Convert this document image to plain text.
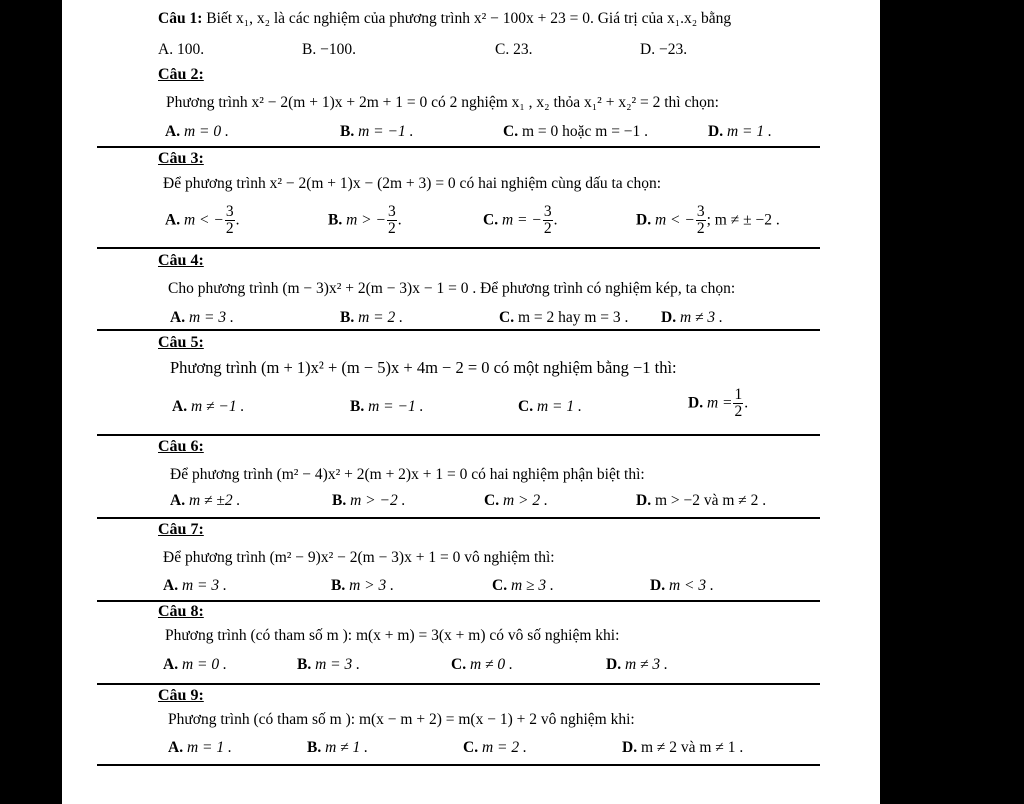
Câu 1: Biết x₁, x₂ là các nghiệm của phương trình x² − 100x + 23 = 0. Giá trị của x₁.x₂ bằng
A. 100.	B. −100.	C. 23.	D. −23.
Câu 2:
Phương trình x² − 2(m + 1)x + 2m + 1 = 0 có 2 nghiệm x₁ , x₂ thỏa x₁² + x₂² = 2 thì chọn:
A. m = 0 .	B. m = −1 .	C. m = 0 hoặc m = −1 .	D. m = 1 .
Câu 3:
Để phương trình x² − 2(m + 1)x − (2m + 3) = 0 có hai nghiệm cùng dấu ta chọn:
A. m < − $\frac{3}{2}$ .	B. m > − $\frac{3}{2}$ .	C. m = − $\frac{3}{2}$ .	D. m < − $\frac{3}{2}$ ; m ≠ ± −2 .
Câu 4:
Cho phương trình (m − 3)x² + 2(m − 3)x − 1 = 0 . Để phương trình có nghiệm kép, ta chọn:
A. m = 3 .	B. m = 2 .	C. m = 2 hay m = 3 . D. m ≠ 3 .
Câu 5:
Phương trình (m + 1)x² + (m − 5)x + 4m − 2 = 0 có một nghiệm bằng −1 thì:
A. m ≠ −1 .	B. m = −1 .	C. m = 1 .	D. $m = \frac{1}{2}$ .
Câu 6:
Để phương trình (m² − 4)x² + 2(m + 2)x + 1 = 0 có hai nghiệm phận biệt thì:
A. m ≠ ±2 .	B. m > −2 .	C. m > 2 .	D. m > −2 và m ≠ 2 .
Câu 7:
Để phương trình (m² − 9)x² − 2(m − 3)x + 1 = 0 vô nghiệm thì:
A. m = 3 .	B. m > 3 .	C. m ≥ 3 .	D. m < 3 .
Câu 8:
Phương trình (có tham số m ): m(x + m) = 3(x + m) có vô số nghiệm khi:
A. m = 0 .	B. m = 3 .	C. m ≠ 0 .	D. m ≠ 3 .
Câu 9:
Phương trình (có tham số m ): m(x − m + 2) = m(x − 1) + 2 vô nghiệm khi:
A. m = 1 .	B. m ≠ 1 .	C. m = 2 .	D. m ≠ 2 và m ≠ 1 .
